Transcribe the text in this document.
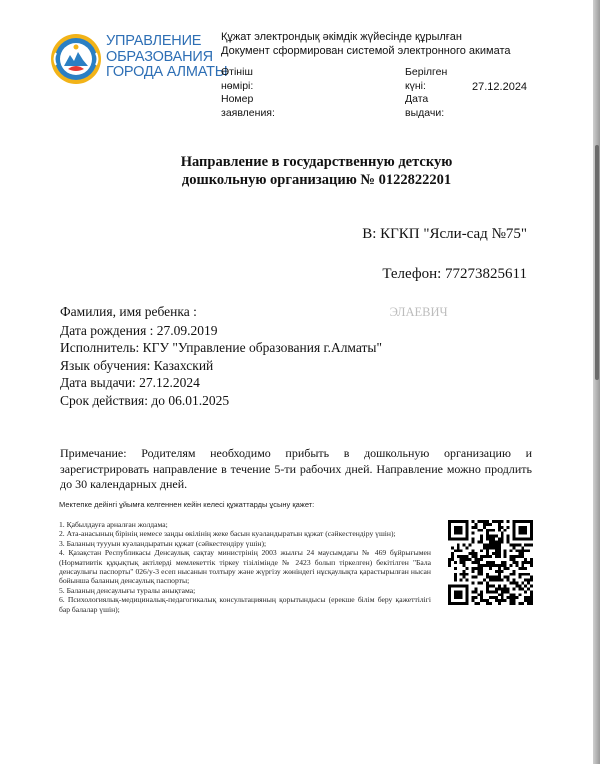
УПРАВЛЕНИЕ
ОБРАЗОВАНИЯ
ГОРОДА АЛМАТЫ
Құжат электрондық әкімдік жүйесінде құрылған
Документ сформирован системой электронного акимата
Өтініш нөмірі:
Номер заявления:
Берілген күні:
Дата выдачи:
27.12.2024
Направление в государственную детскую
дошкольную организацию № 0122822201
В: КГКП "Ясли-сад №75"
Телефон: 77273825611
Фамилия, имя ребенка :	ЭЛАЕВИЧ
Дата рождения : 27.09.2019
Исполнитель: КГУ "Управление образования г.Алматы"
Язык обучения: Казахский
Дата выдачи: 27.12.2024
Срок действия: до 06.01.2025
Примечание: Родителям необходимо прибыть в дошкольную организацию и зарегистрировать направление в течение 5-ти рабочих дней. Направление можно продлить до 30 календарных дней.
Мектепке дейінгі ұйымға келгеннен кейін келесі құжаттарды ұсыну қажет:
1. Қабылдауға арналған жолдама;
2. Ата-анасының бірінің немесе заңды өкілінің жеке басын куәландыратын құжат (сәйкестендіру үшін);
3. Баланың туууын куәландыратын құжат (сәйкестендіру үшін);
4. Қазақстан Республикасы Денсаулық сақтау министрінің 2003 жылғы 24 маусымдағы № 469 бұйрығымен (Нормативтік құқықтық актілерді мемлекеттік тіркеу тізілімінде № 2423 болып тіркелген) бекітілген "Бала денсаулығы паспорты" 026/у-3 есеп нысанын толтыру және жүргізу жөніндегі нұсқаулықта қарастырылған нысан бойынша баланың денсаулық паспорты;
5. Баланың денсаулығы туралы анықтама;
6. Психологиялық-медициналық-педагогикалық консультацияның қорытындысы (ерекше білім беру қажеттілігі бар балалар үшін);
